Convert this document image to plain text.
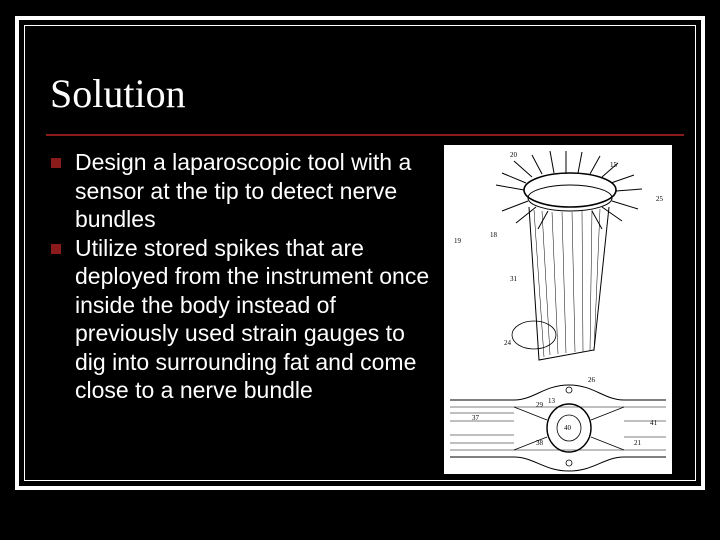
Solution
Design a laparoscopic tool with a sensor at the tip to detect nerve bundles
Utilize stored spikes that are deployed from the instrument once inside the body instead of previously used strain gauges to dig into surrounding fat and come close to a nerve bundle
20
15
25
19
18
31
24
26
37
29 13
41
40
38	21
